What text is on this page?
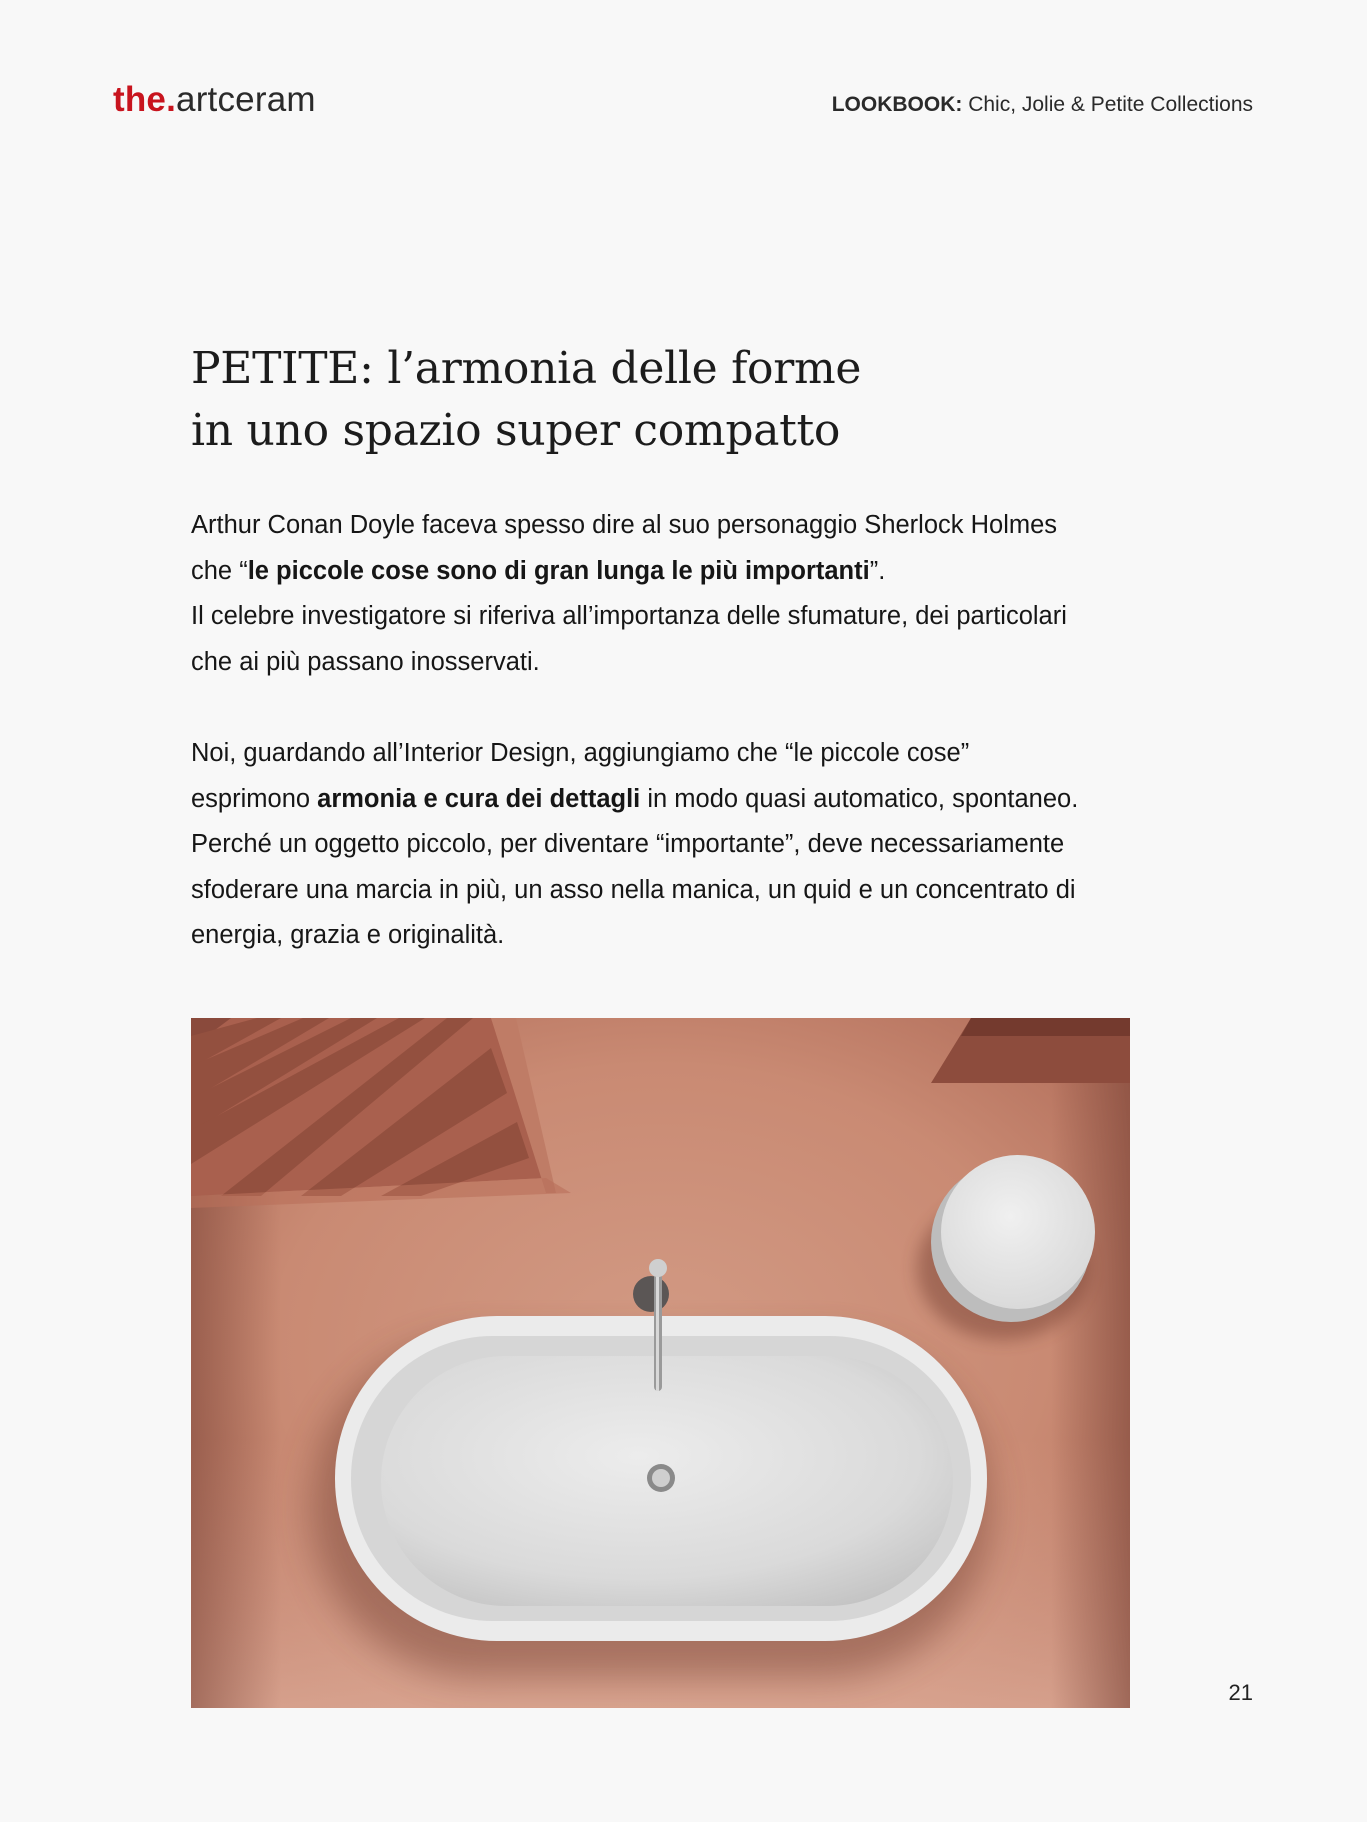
the.artceram	LOOKBOOK: Chic, Jolie & Petite Collections
PETITE: l’armonia delle forme
in uno spazio super compatto

Arthur Conan Doyle faceva spesso dire al suo personaggio Sherlock Holmes
che “le piccole cose sono di gran lunga le più importanti”.
Il celebre investigatore si riferiva all’importanza delle sfumature, dei particolari
che ai più passano inosservati.

Noi, guardando all’Interior Design, aggiungiamo che “le piccole cose”
esprimono armonia e cura dei dettagli in modo quasi automatico, spontaneo.
Perché un oggetto piccolo, per diventare “importante”, deve necessariamente
sfoderare una marcia in più, un asso nella manica, un quid e un concentrato di
energia, grazia e originalità.

21
